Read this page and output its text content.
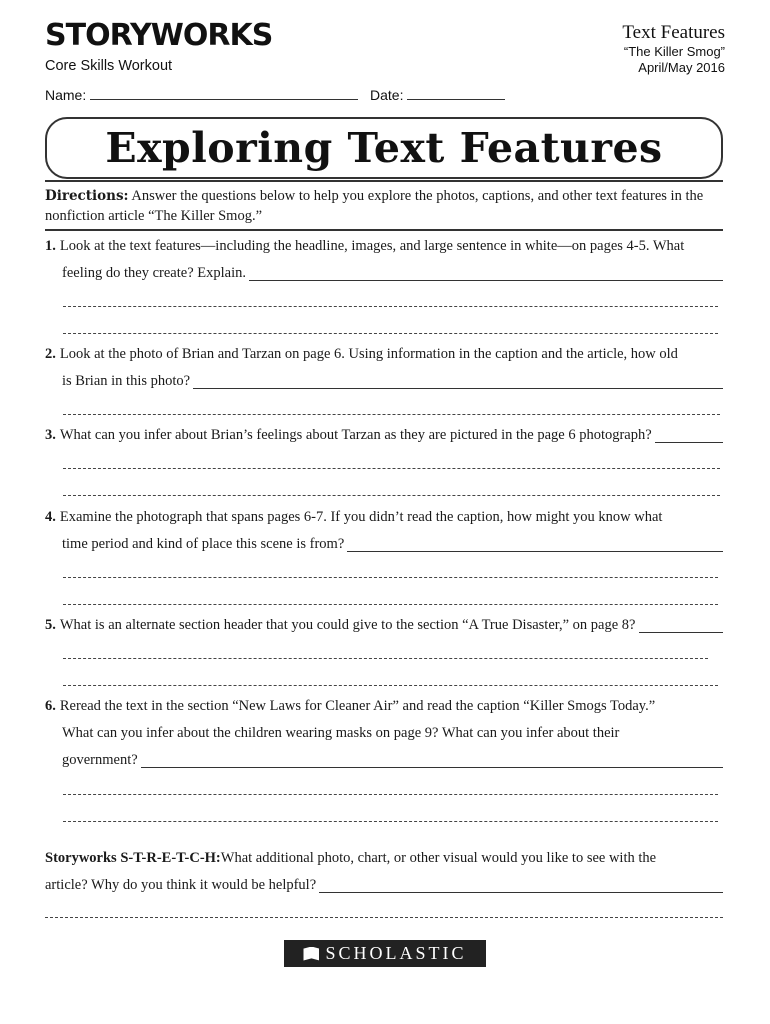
STORYWORKS
Core Skills Workout
Text Features
“The Killer Smog”
April/May 2016
Name:	Date:
Exploring Text Features
Directions: Answer the questions below to help you explore the photos, captions, and other text features in the nonfiction article “The Killer Smog.”
1. Look at the text features—including the headline, images, and large sentence in white—on pages 4-5. What
feeling do they create? Explain.
2. Look at the photo of Brian and Tarzan on page 6. Using information in the caption and the article, how old
is Brian in this photo?
3. What can you infer about Brian’s feelings about Tarzan as they are pictured in the page 6 photograph?
4. Examine the photograph that spans pages 6-7. If you didn’t read the caption, how might you know what
time period and kind of place this scene is from?
5. What is an alternate section header that you could give to the section “A True Disaster,” on page 8?
6. Reread the text in the section “New Laws for Cleaner Air” and read the caption “Killer Smogs Today.”
What can you infer about the children wearing masks on page 9? What can you infer about their
government?
Storyworks S-T-R-E-T-C-H: What additional photo, chart, or other visual would you like to see with the
article? Why do you think it would be helpful?
SCHOLASTIC
